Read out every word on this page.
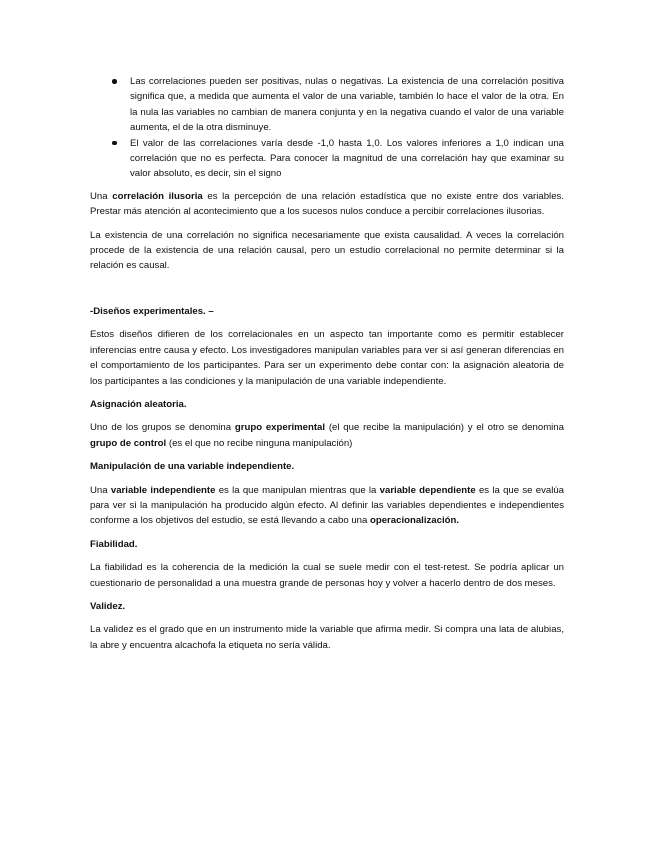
Las correlaciones pueden ser positivas, nulas o negativas. La existencia de una correlación positiva significa que, a medida que aumenta el valor de una variable, también lo hace el valor de la otra. En la nula las variables no cambian de manera conjunta y en la negativa cuando el valor de una variable aumenta, el de la otra disminuye.
El valor de las correlaciones varía desde -1,0 hasta 1,0. Los valores inferiores a 1,0 indican una correlación que no es perfecta. Para conocer la magnitud de una correlación hay que examinar su valor absoluto, es decir, sin el signo

Una correlación ilusoria es la percepción de una relación estadística que no existe entre dos variables. Prestar más atención al acontecimiento que a los sucesos nulos conduce a percibir correlaciones ilusorias.

La existencia de una correlación no significa necesariamente que exista causalidad. A veces la correlación procede de la existencia de una relación causal, pero un estudio correlacional no permite determinar si la relación es causal.

-Diseños experimentales. –

Estos diseños difieren de los correlacionales en un aspecto tan importante como es permitir establecer inferencias entre causa y efecto. Los investigadores manipulan variables para ver si así generan diferencias en el comportamiento de los participantes. Para ser un experimento debe contar con: la asignación aleatoria de los participantes a las condiciones y la manipulación de una variable independiente.

Asignación aleatoria.

Uno de los grupos se denomina grupo experimental (el que recibe la manipulación) y el otro se denomina grupo de control (es el que no recibe ninguna manipulación)

Manipulación de una variable independiente.

Una variable independiente es la que manipulan mientras que la variable dependiente es la que se evalúa para ver si la manipulación ha producido algún efecto. Al definir las variables dependientes e independientes conforme a los objetivos del estudio, se está llevando a cabo una operacionalización.

Fiabilidad.

La fiabilidad es la coherencia de la medición la cual se suele medir con el test-retest. Se podría aplicar un cuestionario de personalidad a una muestra grande de personas hoy y volver a hacerlo dentro de dos meses.

Validez.

La validez es el grado que en un instrumento mide la variable que afirma medir. Si compra una lata de alubias, la abre y encuentra alcachofa la etiqueta no sería válida.
